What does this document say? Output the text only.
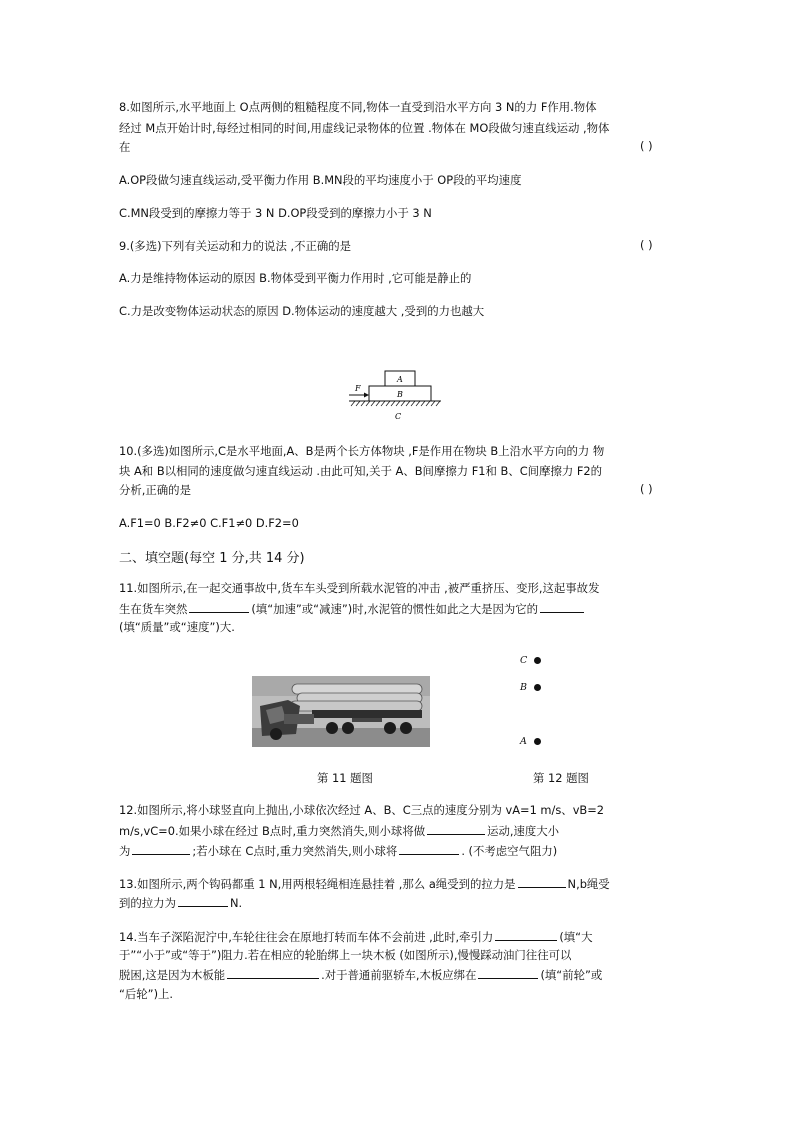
8.如图所示,水平地面上 O点两侧的粗糙程度不同,物体一直受到沿水平方向 3 N的力 F作用.物体
经过 M点开始计时,每经过相同的时间,用虚线记录物体的位置 .物体在 MO段做匀速直线运动 ,物体
在	( )
A.OP段做匀速直线运动,受平衡力作用 B.MN段的平均速度小于 OP段的平均速度
C.MN段受到的摩擦力等于 3 N D.OP段受到的摩擦力小于 3 N
9.(多选)下列有关运动和力的说法 ,不正确的是	( )
A.力是维持物体运动的原因 B.物体受到平衡力作用时 ,它可能是静止的
C.力是改变物体运动状态的原因 D.物体运动的速度越大 ,受到的力也越大
F
A
B
C
10.(多选)如图所示,C是水平地面,A、B是两个长方体物块 ,F是作用在物块 B上沿水平方向的力 物
块 A和 B以相同的速度做匀速直线运动 .由此可知,关于 A、B间摩擦力 F1和 B、C间摩擦力 F2的
分析,正确的是	( )
A.F1=0 B.F2≠0 C.F1≠0 D.F2=0
二、填空题(每空 1 分,共 14 分)
11.如图所示,在一起交通事故中,货车车头受到所载水泥管的冲击 ,被严重挤压、变形,这起事故发
生在货车突然	(填“加速”或“减速”)时,水泥管的惯性如此之大是因为它的
(填“质量”或“速度”)大.
C
B
A
第 11 题图	第 12 题图
12.如图所示,将小球竖直向上抛出,小球依次经过 A、B、C三点的速度分别为 vA=1 m/s、vB=2
m/s,vC=0.如果小球在经过 B点时,重力突然消失,则小球将做	运动,速度大小
为	;若小球在 C点时,重力突然消失,则小球将	. (不考虑空气阻力)
13.如图所示,两个钩码都重 1 N,用两根轻绳相连悬挂着 ,那么 a绳受到的拉力是	N,b绳受
到的拉力为	N.
14.当车子深陷泥泞中,车轮往往会在原地打转而车体不会前进 ,此时,牵引力	(填“大
于”“小于”或“等于”)阻力.若在相应的轮胎绑上一块木板 (如图所示),慢慢踩动油门往往可以
脱困,这是因为木板能	.对于普通前驱轿车,木板应绑在	(填“前轮”或
“后轮”)上.
